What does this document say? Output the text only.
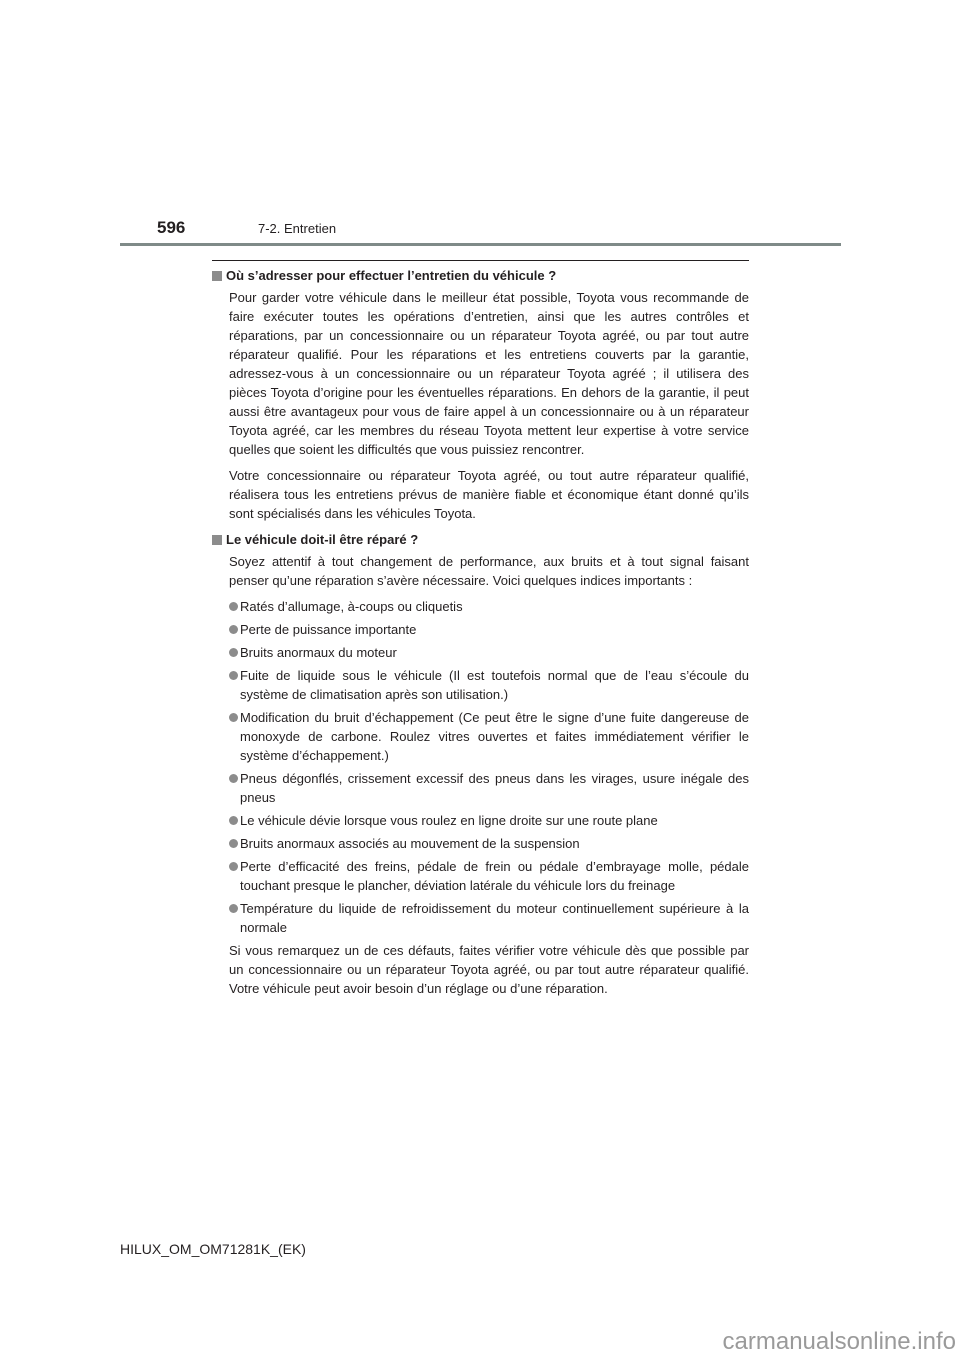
596	7-2. Entretien
Où s’adresser pour effectuer l’entretien du véhicule ?

Pour garder votre véhicule dans le meilleur état possible, Toyota vous recommande de faire exécuter toutes les opérations d’entretien, ainsi que les autres contrôles et réparations, par un concessionnaire ou un réparateur Toyota agréé, ou par tout autre réparateur qualifié. Pour les réparations et les entretiens couverts par la garantie, adressez-vous à un concessionnaire ou un réparateur Toyota agréé ; il utilisera des pièces Toyota d’origine pour les éventuelles réparations. En dehors de la garantie, il peut aussi être avantageux pour vous de faire appel à un concessionnaire ou à un réparateur Toyota agréé, car les membres du réseau Toyota mettent leur expertise à votre service quelles que soient les difficultés que vous puissiez rencontrer.

Votre concessionnaire ou réparateur Toyota agréé, ou tout autre réparateur qualifié, réalisera tous les entretiens prévus de manière fiable et économique étant donné qu’ils sont spécialisés dans les véhicules Toyota.

Le véhicule doit-il être réparé ?

Soyez attentif à tout changement de performance, aux bruits et à tout signal faisant penser qu’une réparation s’avère nécessaire. Voici quelques indices importants :

Ratés d’allumage, à-coups ou cliquetis
Perte de puissance importante
Bruits anormaux du moteur
Fuite de liquide sous le véhicule (Il est toutefois normal que de l’eau s’écoule du système de climatisation après son utilisation.)
Modification du bruit d’échappement (Ce peut être le signe d’une fuite dangereuse de monoxyde de carbone. Roulez vitres ouvertes et faites immédiatement vérifier le système d’échappement.)
Pneus dégonflés, crissement excessif des pneus dans les virages, usure inégale des pneus
Le véhicule dévie lorsque vous roulez en ligne droite sur une route plane
Bruits anormaux associés au mouvement de la suspension
Perte d’efficacité des freins, pédale de frein ou pédale d’embrayage molle, pédale touchant presque le plancher, déviation latérale du véhicule lors du freinage
Température du liquide de refroidissement du moteur continuellement supérieure à la normale

Si vous remarquez un de ces défauts, faites vérifier votre véhicule dès que possible par un concessionnaire ou un réparateur Toyota agréé, ou par tout autre réparateur qualifié. Votre véhicule peut avoir besoin d’un réglage ou d’une réparation.

HILUX_OM_OM71281K_(EK)
carmanualsonline.info
